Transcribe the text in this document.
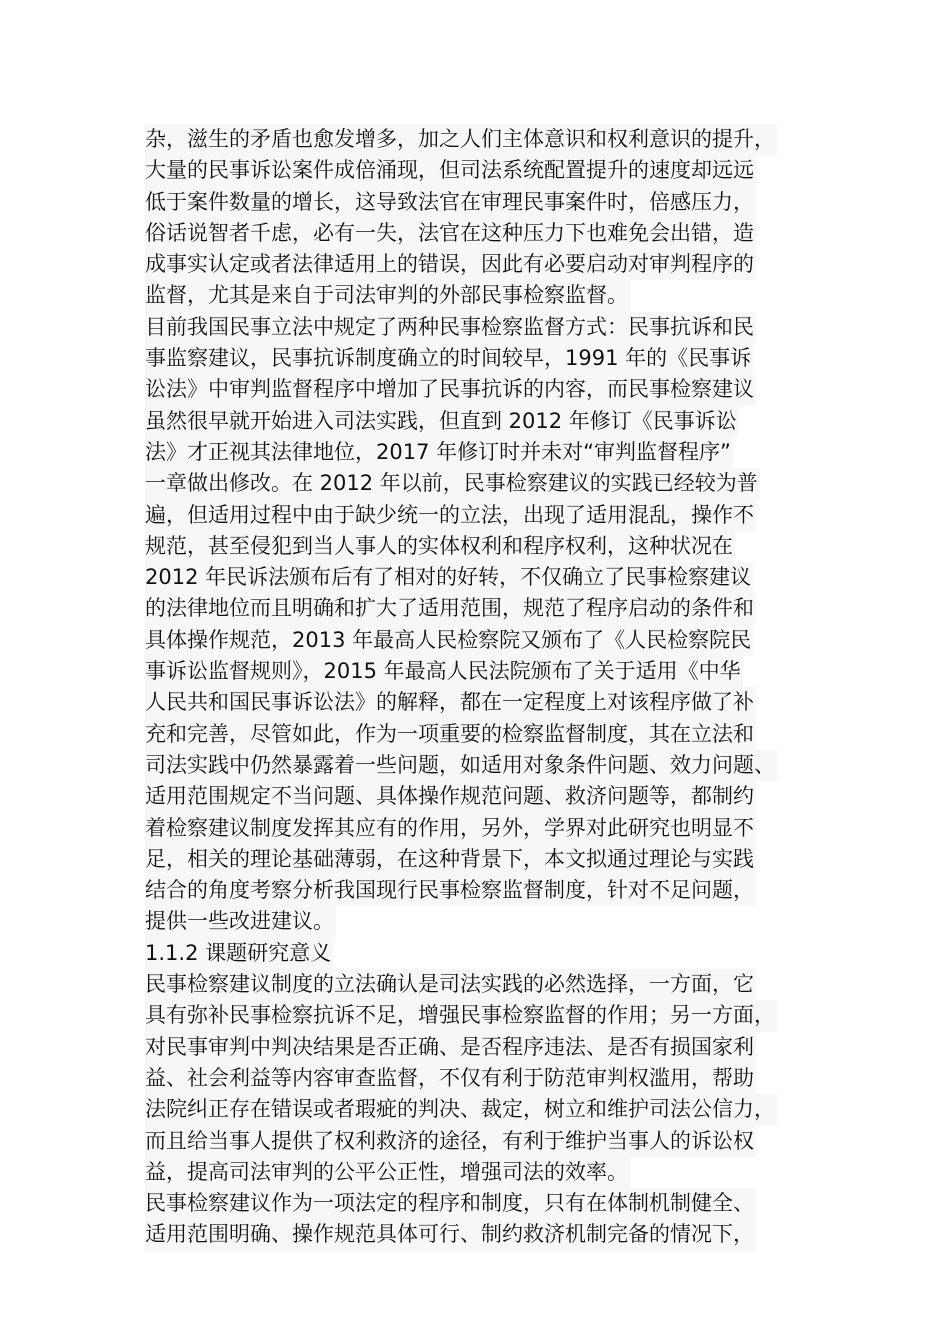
杂，滋生的矛盾也愈发增多，加之人们主体意识和权利意识的提升，
大量的民事诉讼案件成倍涌现，但司法系统配置提升的速度却远远
低于案件数量的增长，这导致法官在审理民事案件时，倍感压力，
俗话说智者千虑，必有一失，法官在这种压力下也难免会出错，造
成事实认定或者法律适用上的错误，因此有必要启动对审判程序的
监督，尤其是来自于司法审判的外部民事检察监督。
目前我国民事立法中规定了两种民事检察监督方式：民事抗诉和民
事监察建议，民事抗诉制度确立的时间较早，1991 年的《民事诉
讼法》中审判监督程序中增加了民事抗诉的内容，而民事检察建议
虽然很早就开始进入司法实践，但直到 2012 年修订《民事诉讼
法》才正视其法律地位，2017 年修订时并未对“审判监督程序”
一章做出修改。在 2012 年以前，民事检察建议的实践已经较为普
遍，但适用过程中由于缺少统一的立法，出现了适用混乱，操作不
规范，甚至侵犯到当人事人的实体权利和程序权利，这种状况在
2012 年民诉法颁布后有了相对的好转，不仅确立了民事检察建议
的法律地位而且明确和扩大了适用范围，规范了程序启动的条件和
具体操作规范，2013 年最高人民检察院又颁布了《人民检察院民
事诉讼监督规则》，2015 年最高人民法院颁布了关于适用《中华
人民共和国民事诉讼法》的解释，都在一定程度上对该程序做了补
充和完善，尽管如此，作为一项重要的检察监督制度，其在立法和
司法实践中仍然暴露着一些问题，如适用对象条件问题、效力问题、
适用范围规定不当问题、具体操作规范问题、救济问题等，都制约
着检察建议制度发挥其应有的作用，另外，学界对此研究也明显不
足，相关的理论基础薄弱，在这种背景下，本文拟通过理论与实践
结合的角度考察分析我国现行民事检察监督制度，针对不足问题，
提供一些改进建议。
1.1.2 课题研究意义
民事检察建议制度的立法确认是司法实践的必然选择，一方面，它
具有弥补民事检察抗诉不足，增强民事检察监督的作用；另一方面，
对民事审判中判决结果是否正确、是否程序违法、是否有损国家利
益、社会利益等内容审查监督，不仅有利于防范审判权滥用，帮助
法院纠正存在错误或者瑕疵的判决、裁定，树立和维护司法公信力，
而且给当事人提供了权利救济的途径，有利于维护当事人的诉讼权
益，提高司法审判的公平公正性，增强司法的效率。
民事检察建议作为一项法定的程序和制度，只有在体制机制健全、
适用范围明确、操作规范具体可行、制约救济机制完备的情况下，
